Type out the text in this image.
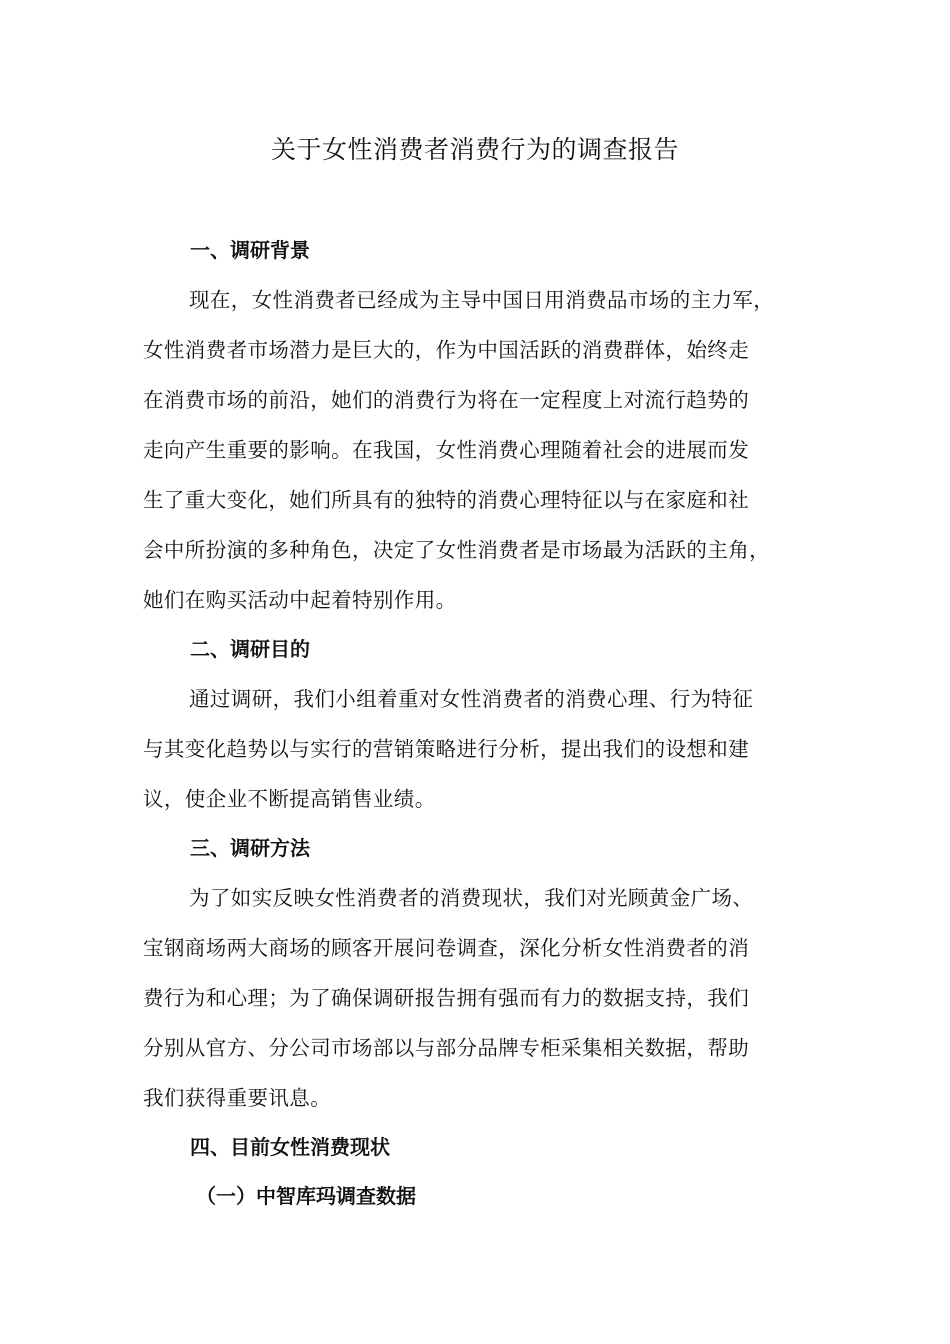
关于女性消费者消费行为的调查报告
一、调研背景
现在，女性消费者已经成为主导中国日用消费品市场的主力军，
女性消费者市场潜力是巨大的，作为中国活跃的消费群体，始终走
在消费市场的前沿，她们的消费行为将在一定程度上对流行趋势的
走向产生重要的影响。在我国，女性消费心理随着社会的进展而发
生了重大变化，她们所具有的独特的消费心理特征以与在家庭和社
会中所扮演的多种角色，决定了女性消费者是市场最为活跃的主角，
她们在购买活动中起着特别作用。
二、调研目的
通过调研，我们小组着重对女性消费者的消费心理、行为特征
与其变化趋势以与实行的营销策略进行分析，提出我们的设想和建
议，使企业不断提高销售业绩。
三、调研方法
为了如实反映女性消费者的消费现状，我们对光顾黄金广场、
宝钢商场两大商场的顾客开展问卷调查，深化分析女性消费者的消
费行为和心理；为了确保调研报告拥有强而有力的数据支持，我们
分别从官方、分公司市场部以与部分品牌专柜采集相关数据，帮助
我们获得重要讯息。
四、目前女性消费现状
（一）中智库玛调查数据
